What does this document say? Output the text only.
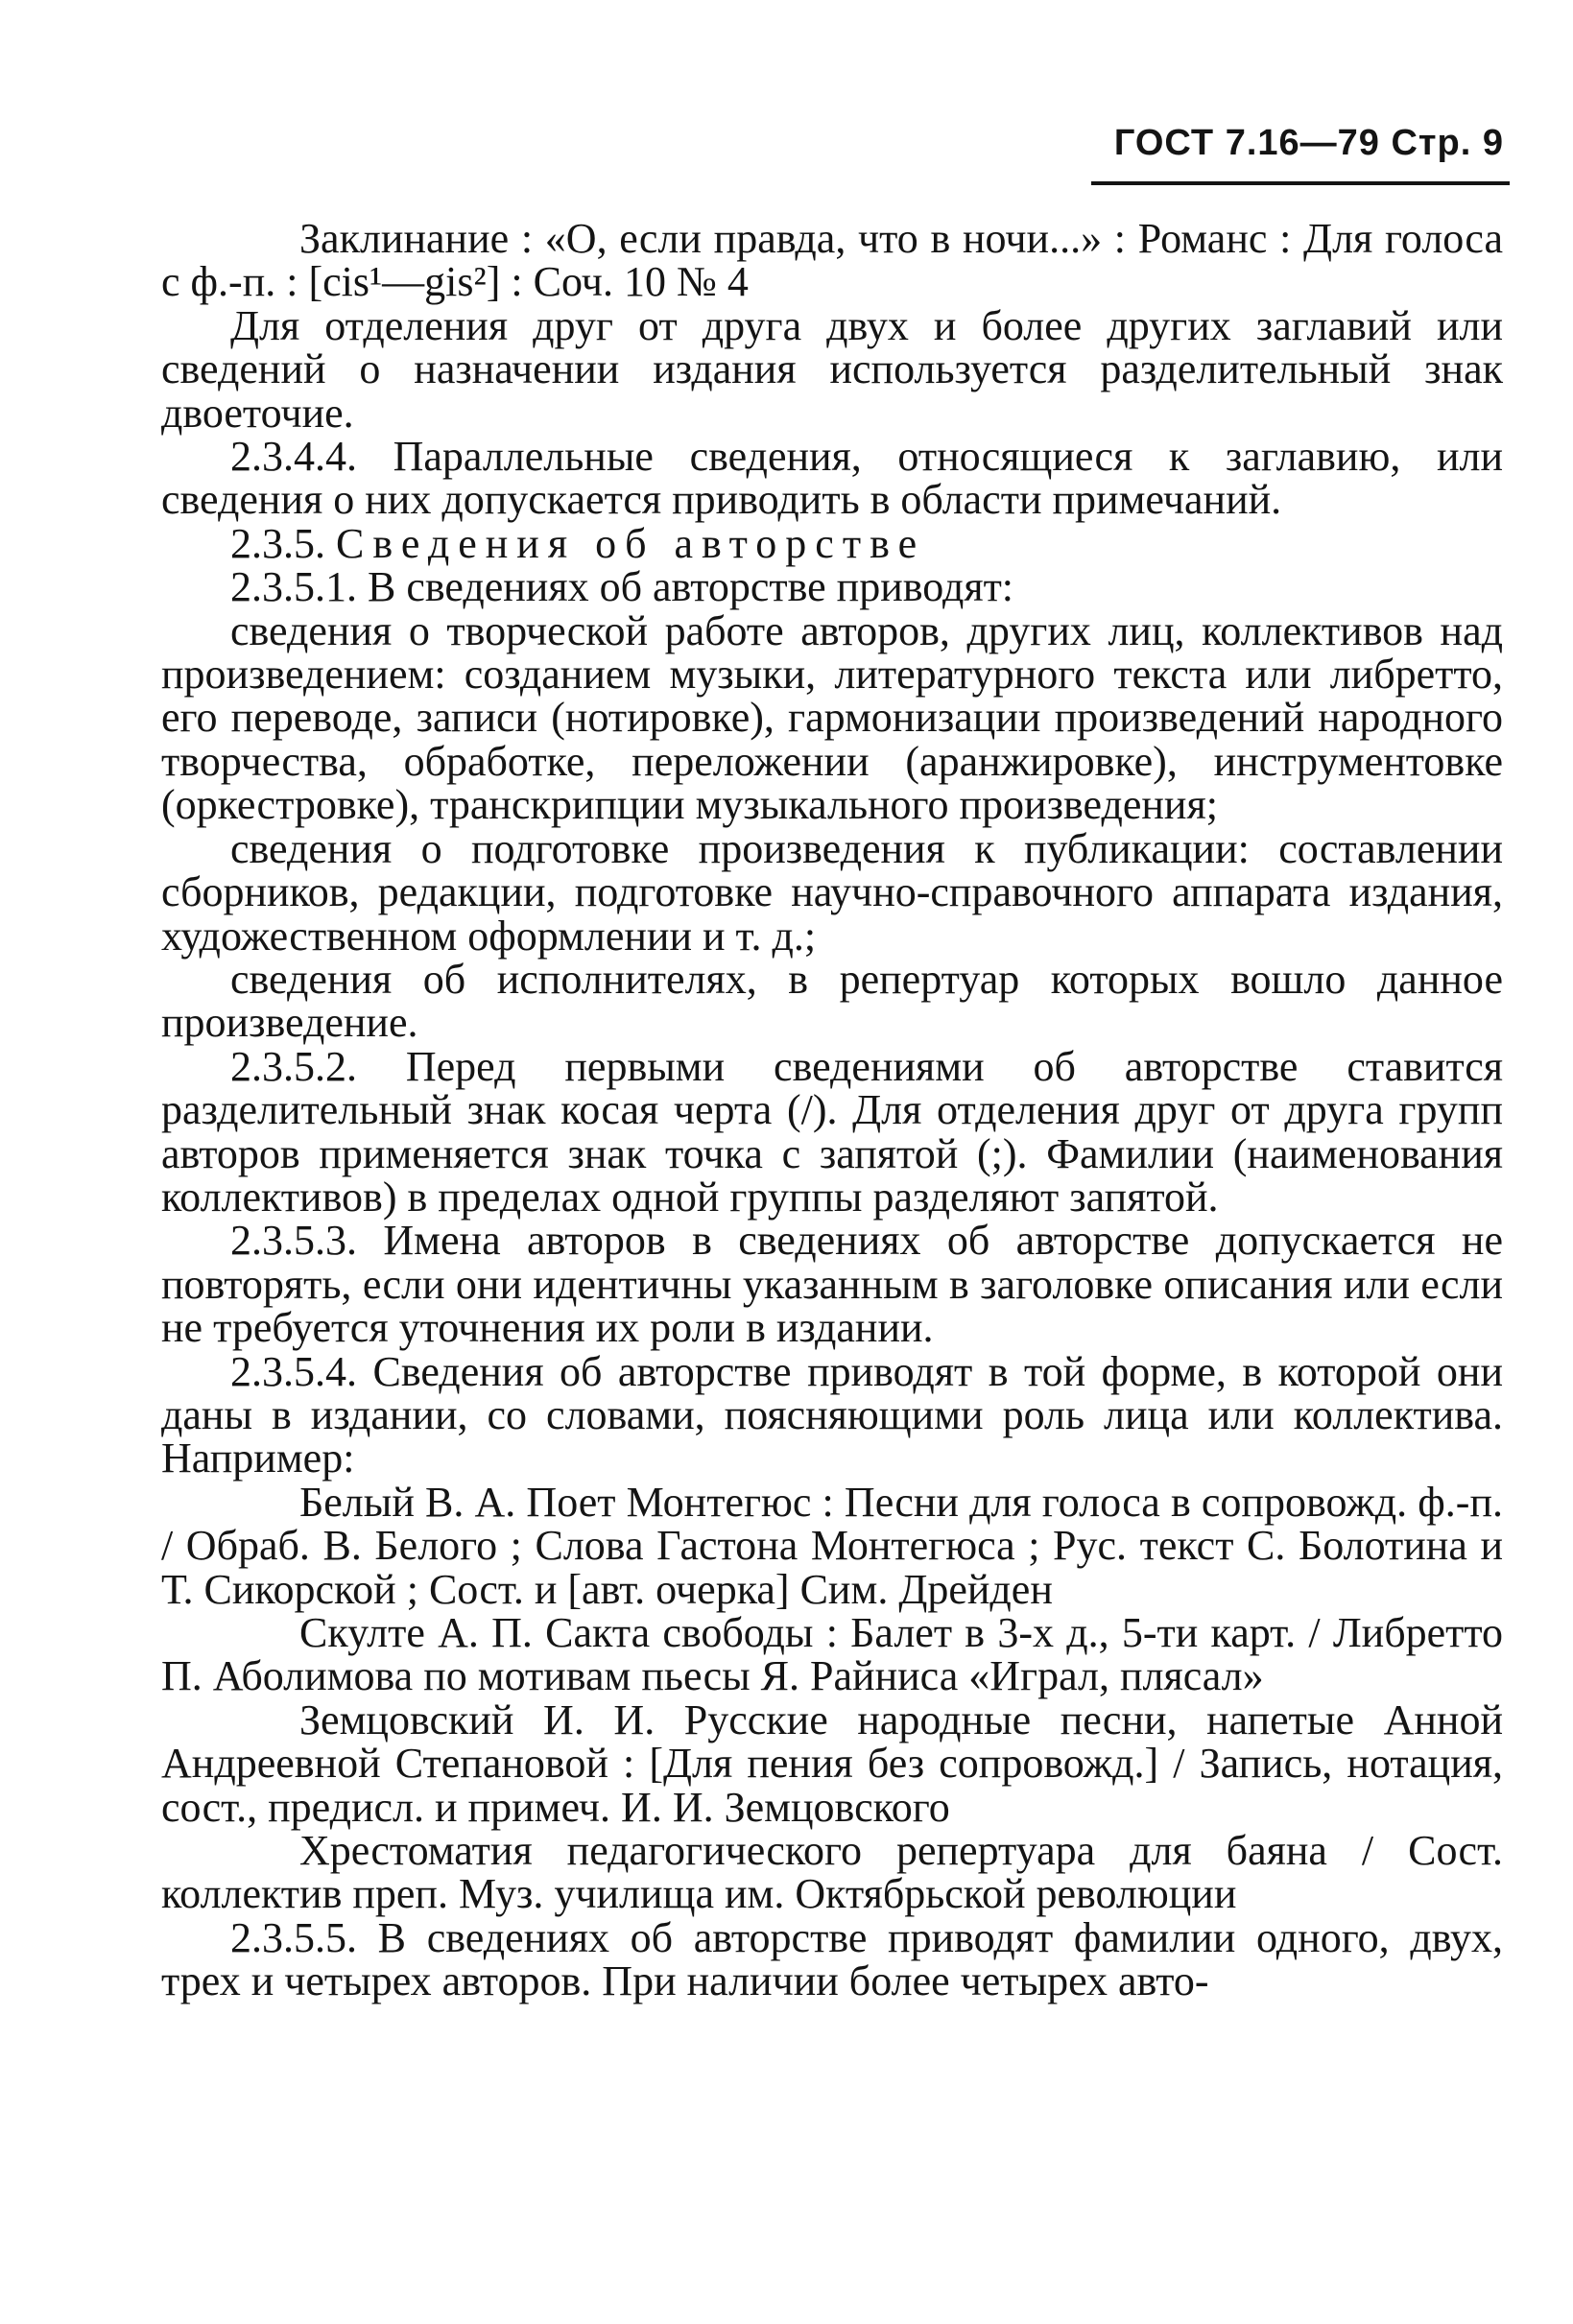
ГОСТ 7.16—79 Стр. 9
Заклинание : «О, если правда, что в ночи...» : Романс : Для голоса с ф.-п. : [cis¹—gis²] : Соч. 10 № 4

Для отделения друг от друга двух и более других заглавий или сведений о назначении издания используется разделительный знак двоеточие.

2.3.4.4. Параллельные сведения, относящиеся к заглавию, или сведения о них допускается приводить в области примечаний.

2.3.5. Сведения об авторстве

2.3.5.1. В сведениях об авторстве приводят:

сведения о творческой работе авторов, других лиц, коллективов над произведением: созданием музыки, литературного текста или либретто, его переводе, записи (нотировке), гармонизации произведений народного творчества, обработке, переложении (аранжировке), инструментовке (оркестровке), транскрипции музыкального произведения;

сведения о подготовке произведения к публикации: составлении сборников, редакции, подготовке научно-справочного аппарата издания, художественном оформлении и т. д.;

сведения об исполнителях, в репертуар которых вошло данное произведение.

2.3.5.2. Перед первыми сведениями об авторстве ставится разделительный знак косая черта (/). Для отделения друг от друга групп авторов применяется знак точка с запятой (;). Фамилии (наименования коллективов) в пределах одной группы разделяют запятой.

2.3.5.3. Имена авторов в сведениях об авторстве допускается не повторять, если они идентичны указанным в заголовке описания или если не требуется уточнения их роли в издании.

2.3.5.4. Сведения об авторстве приводят в той форме, в которой они даны в издании, со словами, поясняющими роль лица или коллектива. Например:

Белый В. А. Поет Монтегюс : Песни для голоса в сопровожд. ф.-п. / Обраб. В. Белого ; Слова Гастона Монтегюса ; Рус. текст С. Болотина и Т. Сикорской ; Сост. и [авт. очерка] Сим. Дрейден
Скулте А. П. Сакта свободы : Балет в 3-х д., 5-ти карт. / Либретто П. Аболимова по мотивам пьесы Я. Райниса «Играл, плясал»
Земцовский И. И. Русские народные песни, напетые Анной Андреевной Степановой : [Для пения без сопровожд.] / Запись, нотация, сост., предисл. и примеч. И. И. Земцовского
Хрестоматия педагогического репертуара для баяна / Сост. коллектив преп. Муз. училища им. Октябрьской революции

2.3.5.5. В сведениях об авторстве приводят фамилии одного, двух, трех и четырех авторов. При наличии более четырех авто-
